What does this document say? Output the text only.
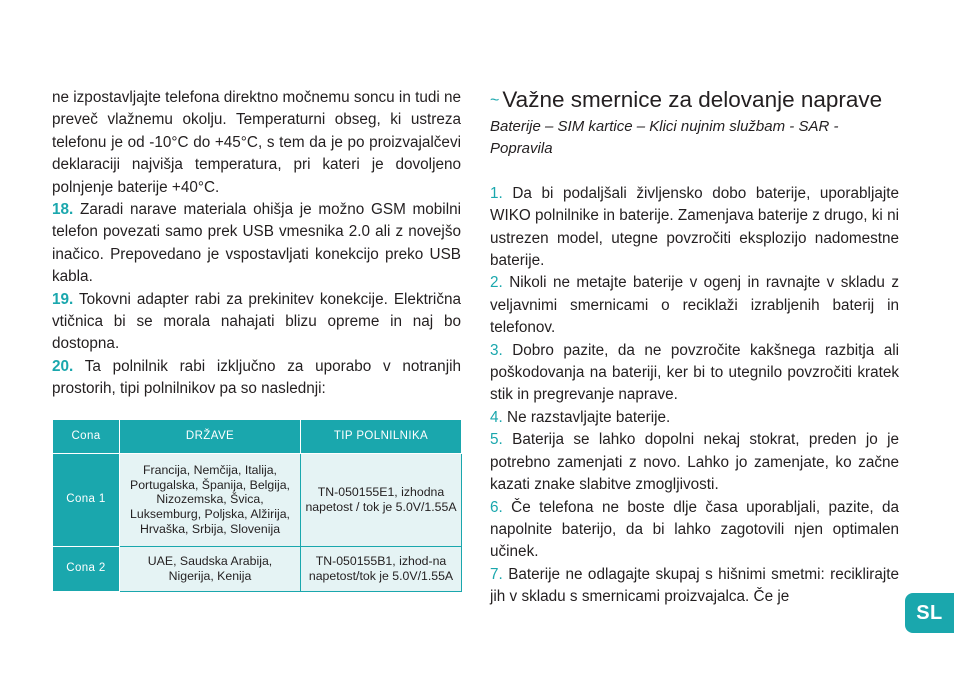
ne izpostavljajte telefona direktno močnemu soncu in tudi ne preveč vlažnemu okolju. Temperaturni obseg, ki ustreza telefonu je od -10°C do +45°C, s tem da je po proizvajalčevi deklaraciji najvišja temperatura, pri kateri je dovoljeno polnjenje baterije +40°C.

18. Zaradi narave materiala ohišja je možno GSM mobilni telefon povezati samo prek USB vmesnika 2.0 ali z novejšo inačico. Prepovedano je vspostavljati konekcijo preko USB kabla.

19. Tokovni adapter rabi za prekinitev konekcije. Električna vtičnica bi se morala nahajati blizu opreme in naj bo dostopna.

20. Ta polnilnik rabi izključno za uporabo v notranjih prostorih, tipi polnilnikov pa so naslednji:

Cona	DRŽAVE	TIP POLNILNIKA
Cona 1	Francija, Nemčija, Italija, Portugalska, Španija, Belgija, Nizozemska, Švica, Luksemburg, Poljska, Alžirija, Hrvaška, Srbija, Slovenija	TN-050155E1, izhodna napetost / tok je 5.0V/1.55A
Cona 2	UAE, Saudska Arabija, Nigerija, Kenija	TN-050155B1, izhod-na napetost/tok je 5.0V/1.55A
~ Važne smernice za delovanje naprave

Baterije – SIM kartice – Klici nujnim službam - SAR - Popravila

1. Da bi podaljšali življensko dobo baterije, uporabljajte WIKO polnilnike in baterije. Zamenjava baterije z drugo, ki ni ustrezen model, utegne povzročiti eksplozijo nadomestne baterije.

2. Nikoli ne metajte baterije v ogenj in ravnajte v skladu z veljavnimi smernicami o reciklaži izrabljenih baterij in telefonov.

3. Dobro pazite, da ne povzročite kakšnega razbitja ali poškodovanja na bateriji, ker bi to utegnilo povzročiti kratek stik in pregrevanje naprave.

4. Ne razstavljajte baterije.

5. Baterija se lahko dopolni nekaj stokrat, preden jo je potrebno zamenjati z novo. Lahko jo zamenjate, ko začne kazati znake slabitve zmogljivosti.

6. Če telefona ne boste dlje časa uporabljali, pazite, da napolnite baterijo, da bi lahko zagotovili njen optimalen učinek.

7. Baterije ne odlagajte skupaj s hišnimi smetmi: reciklirajte jih v skladu s smernicami proizvajalca. Če je

SL
